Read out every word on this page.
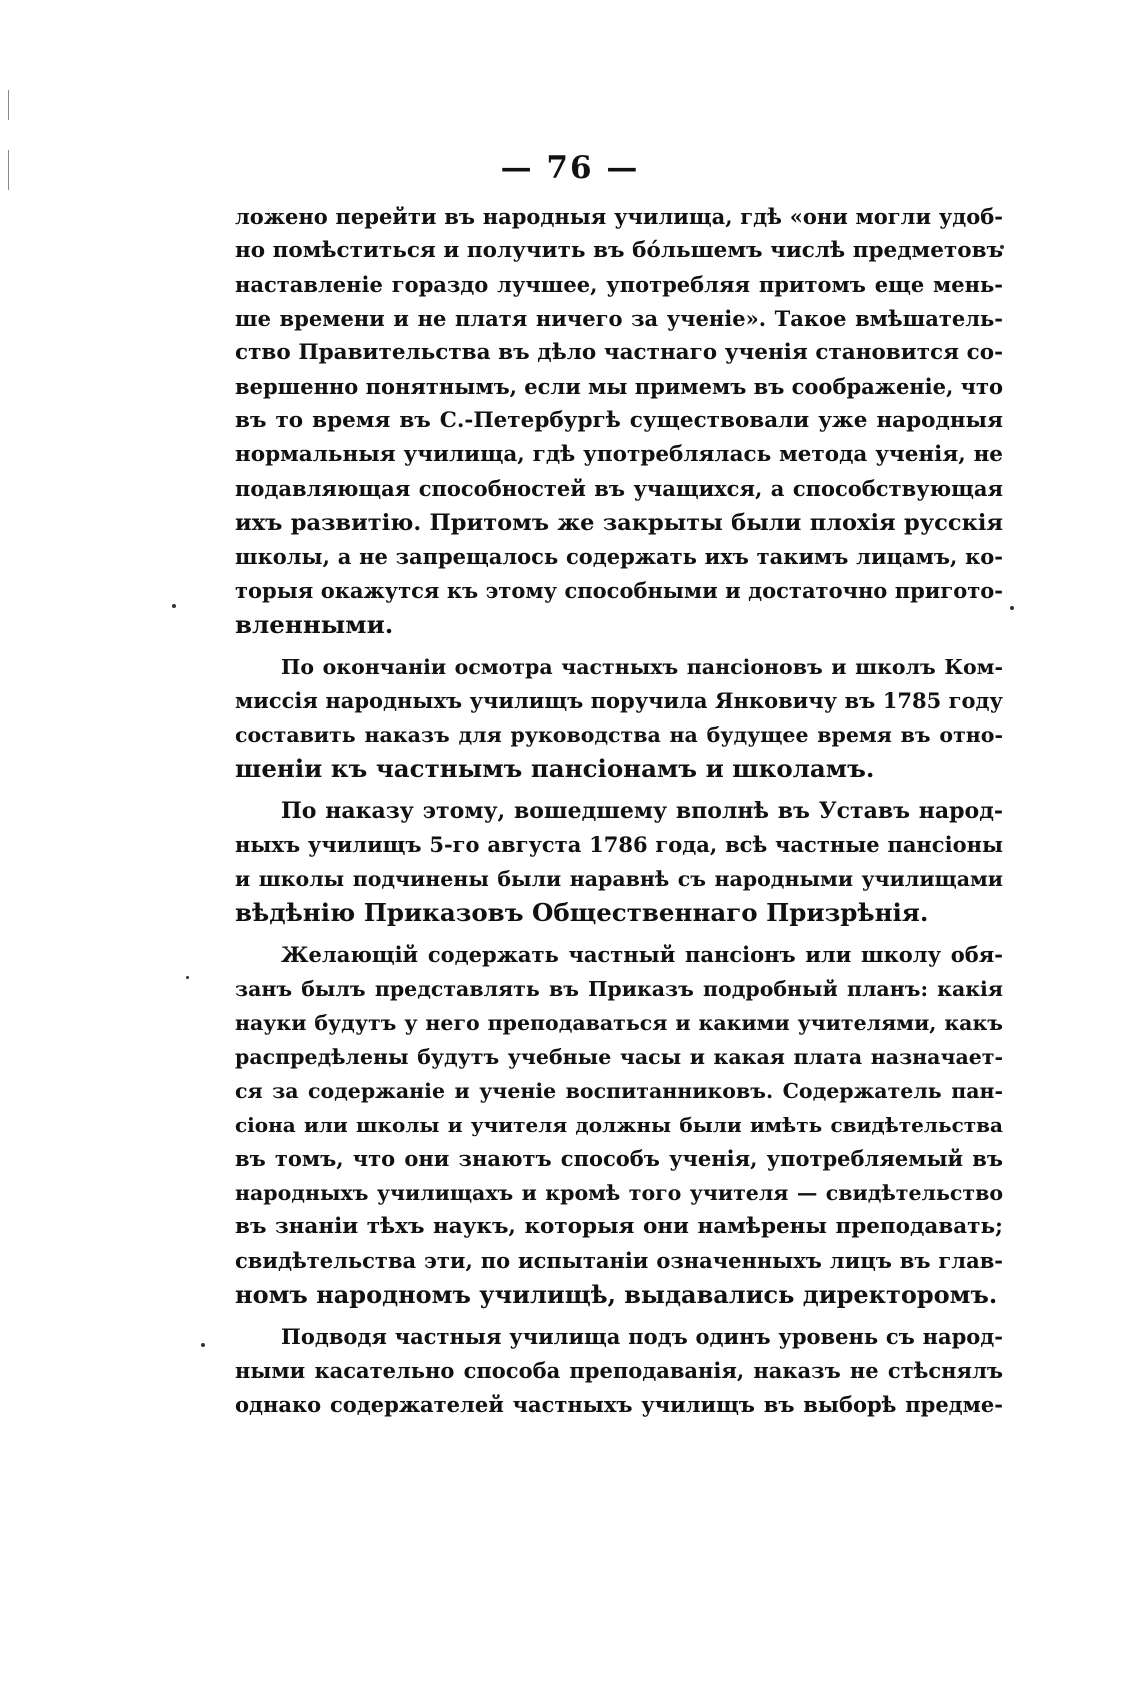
— 76 —
ложено перейти въ народныя училища, гдѣ «они могли удоб-
но помѣститься и получить въ бóльшемъ числѣ предметовъ
наставленіе гораздо лучшее, употребляя притомъ еще мень-
ше времени и не платя ничего за ученіе». Такое вмѣшатель-
ство Правительства въ дѣло частнаго ученія становится со-
вершенно понятнымъ, если мы примемъ въ соображеніе, что
въ то время въ С.-Петербургѣ существовали уже народныя
нормальныя училища, гдѣ употреблялась метода ученія, не
подавляющая способностей въ учащихся, а способствующая
ихъ развитію. Притомъ же закрыты были плохія русскія
школы, а не запрещалось содержать ихъ такимъ лицамъ, ко-
торыя окажутся къ этому способными и достаточно пригото-
вленными.
По окончаніи осмотра частныхъ пансіоновъ и школъ Ком-
миссія народныхъ училищъ поручила Янковичу въ 1785 году
составить наказъ для руководства на будущее время въ отно-
шеніи къ частнымъ пансіонамъ и школамъ.
По наказу этому, вошедшему вполнѣ въ Уставъ народ-
ныхъ училищъ 5-го августа 1786 года, всѣ частные пансіоны
и школы подчинены были наравнѣ съ народными училищами
вѣдѣнію Приказовъ Общественнаго Призрѣнія.
Желающій содержать частный пансіонъ или школу обя-
занъ былъ представлять въ Приказъ подробный планъ: какія
науки будутъ у него преподаваться и какими учителями, какъ
распредѣлены будутъ учебные часы и какая плата назначает-
ся за содержаніе и ученіе воспитанниковъ. Содержатель пан-
сіона или школы и учителя должны были имѣть свидѣтельства
въ томъ, что они знаютъ способъ ученія, употребляемый въ
народныхъ училищахъ и кромѣ того учителя — свидѣтельство
въ знаніи тѣхъ наукъ, которыя они намѣрены преподавать;
свидѣтельства эти, по испытаніи означенныхъ лицъ въ глав-
номъ народномъ училищѣ, выдавались директоромъ.
Подводя частныя училища подъ одинъ уровень съ народ-
ными касательно способа преподаванія, наказъ не стѣснялъ
однако содержателей частныхъ училищъ въ выборѣ предме-
